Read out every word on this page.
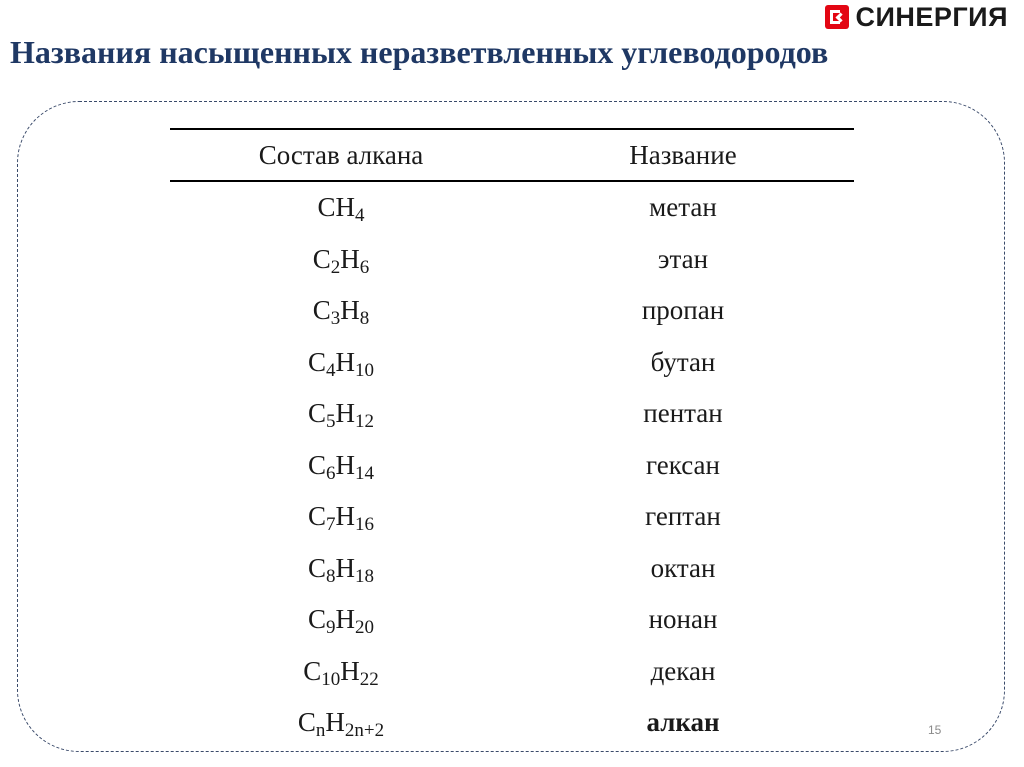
СИНЕРГИЯ
Названия насыщенных неразветвленных углеводородов
Состав алкана	Название
$CH_4$	метан
$C_2H_6$	этан
$C_3H_8$	пропан
$C_4H_{10}$	бутан
$C_5H_{12}$	пентан
$C_6H_{14}$	гексан
$C_7H_{16}$	гептан
$C_8H_{18}$	октан
$C_9H_{20}$	нонан
$C_{10}H_{22}$	декан
$C_nH_{2n+2}$	алкан	15
